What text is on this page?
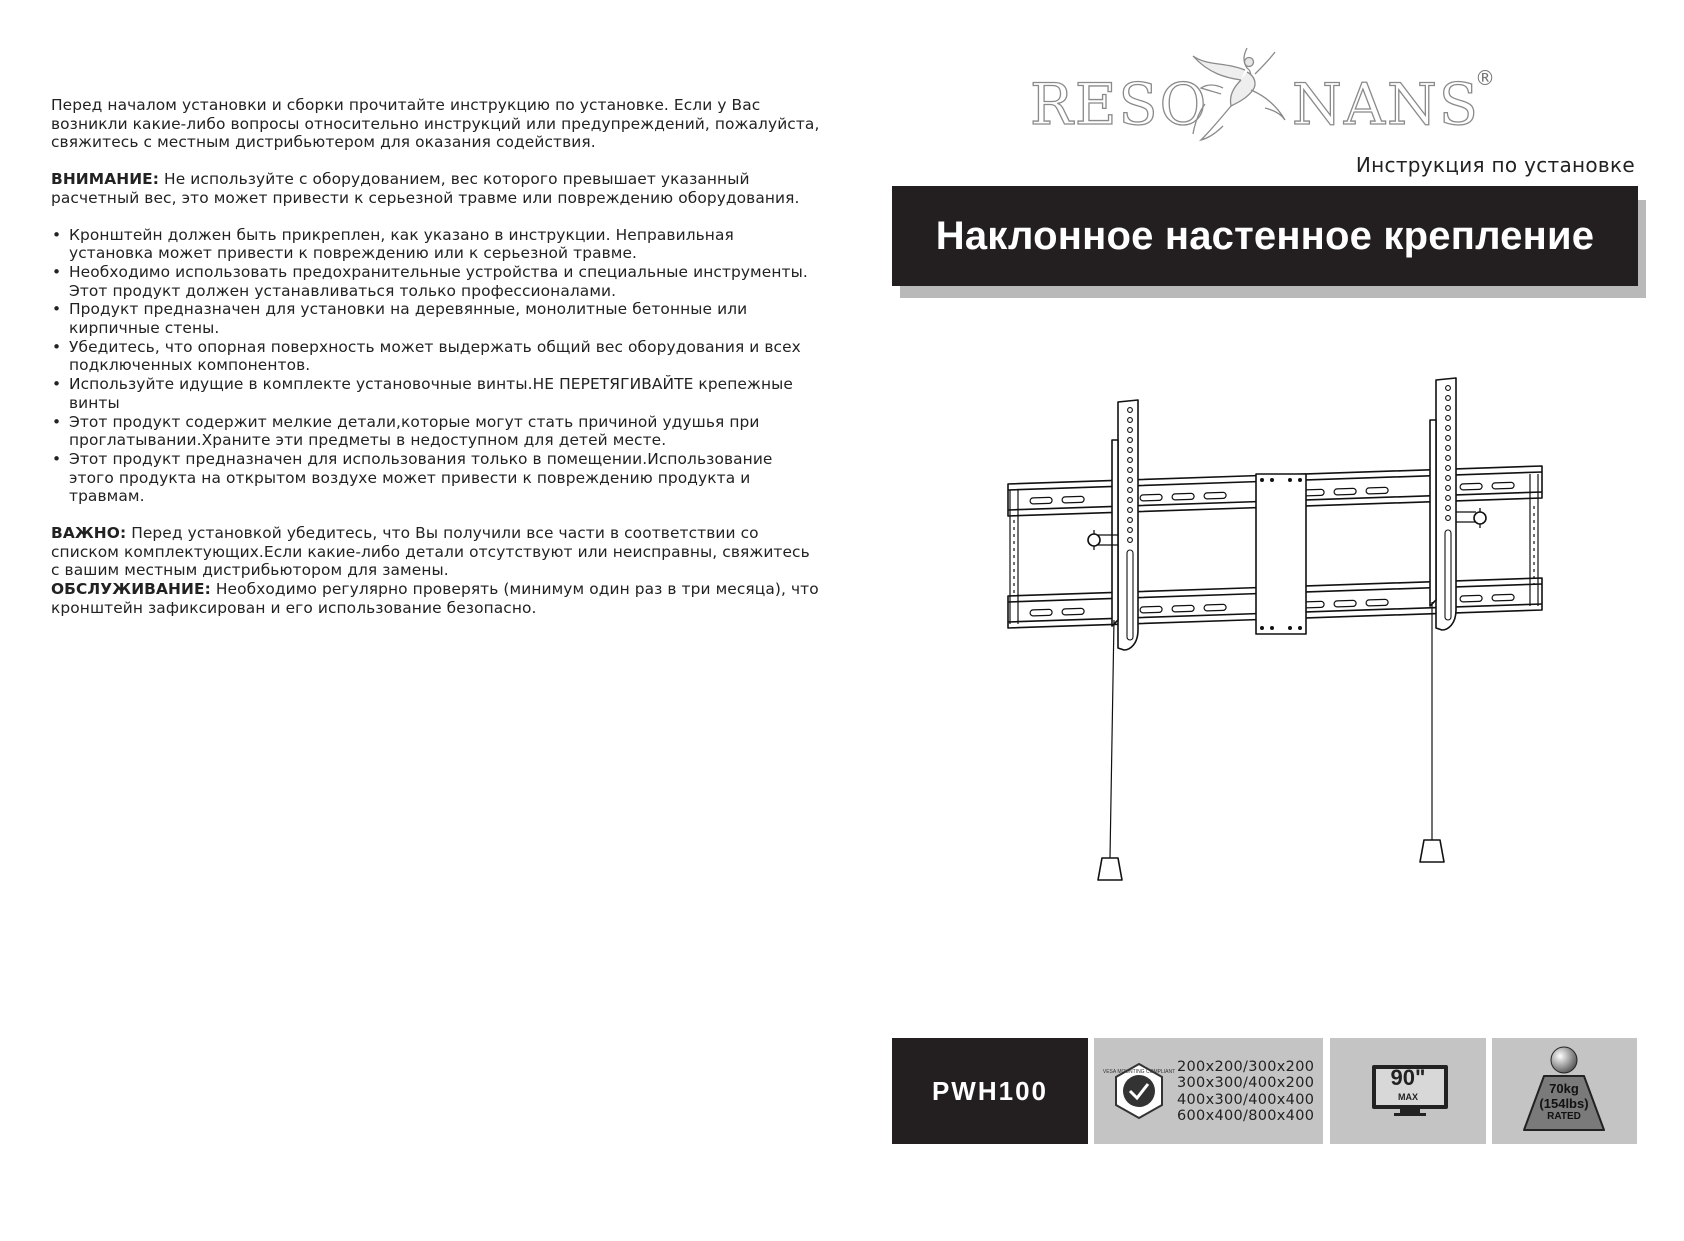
Перед началом установки и сборки прочитайте инструкцию по установке. Если у Вас возникли какие-либо вопросы относительно инструкций или предупреждений, пожалуйста, свяжитесь с местным дистрибьютером для оказания содействия.

ВНИМАНИЕ: Не используйте с оборудованием, вес которого превышает указанный расчетный вес, это может привести к серьезной травме или повреждению оборудования.

• Кронштейн должен быть прикреплен, как указано в инструкции. Неправильная установка может привести к повреждению или к серьезной травме.
• Необходимо использовать предохранительные устройства и специальные инструменты. Этот продукт должен устанавливаться только профессионалами.
• Продукт предназначен для установки на деревянные, монолитные бетонные или кирпичные стены.
• Убедитесь, что опорная поверхность может выдержать общий вес оборудования и всех подключенных компонентов.
• Используйте идущие в комплекте установочные винты.НЕ ПЕРЕТЯГИВАЙТЕ крепежные винты
• Этот продукт содержит мелкие детали,которые могут стать причиной удушья при проглатывании.Храните эти предметы в недоступном для детей месте.
• Этот продукт предназначен для использования только в помещении.Использование этого продукта на открытом воздухе может привести к повреждению продукта и травмам.

ВАЖНО: Перед установкой убедитесь, что Вы получили все части в соответствии со списком комплектующих.Если какие-либо детали отсутствуют или неисправны, свяжитесь с вашим местным дистрибьютором для замены.

ОБСЛУЖИВАНИЕ: Необходимо регулярно проверять (минимум один раз в три месяца), что кронштейн зафиксирован и его использование безопасно.

RESO NANS
®
Инструкция по установке
Наклонное настенное крепление
PWH100
VESA MOUNTING COMPLIANT 200x200/300x200
300x300/400x200
400x300/400x400
600x400/800x400
90"
MAX
70kg
(154lbs)
RATED
